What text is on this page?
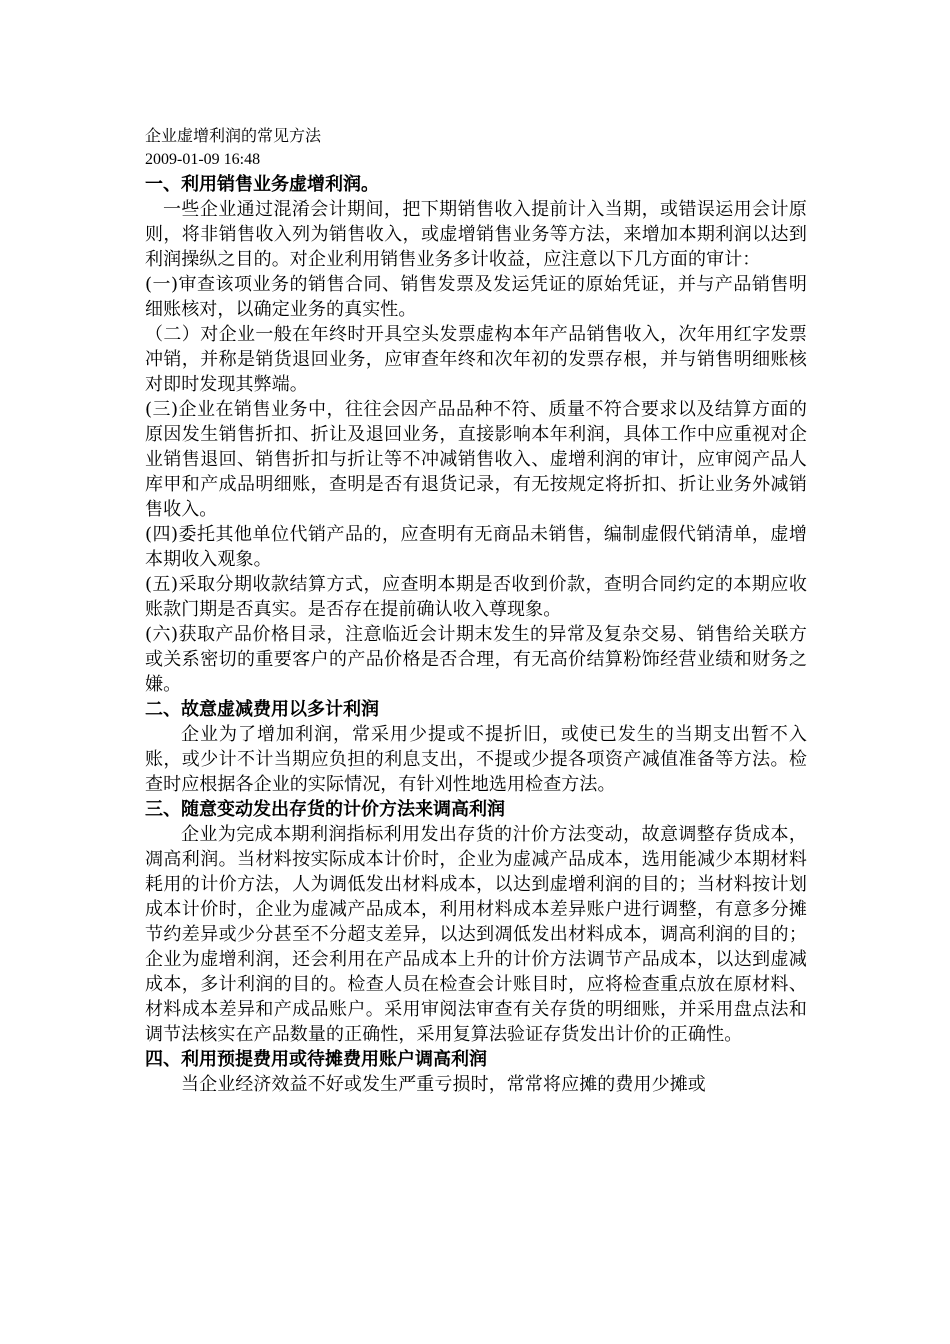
企业虚增利润的常见方法

2009-01-09 16:48

一、利用销售业务虚增利润。

一些企业通过混淆会计期间，把下期销售收入提前计入当期，或错误运用会计原则，将非销售收入列为销售收入，或虚增销售业务等方法，来增加本期利润以达到利润操纵之目的。对企业利用销售业务多计收益，应注意以下几方面的审计：

(一)审查该项业务的销售合同、销售发票及发运凭证的原始凭证，并与产品销售明细账核对，以确定业务的真实性。

（二）对企业一般在年终时开具空头发票虚构本年产品销售收入，次年用红字发票冲销，并称是销货退回业务，应审查年终和次年初的发票存根，并与销售明细账核对即时发现其弊端。

(三)企业在销售业务中，往往会因产品品种不符、质量不符合要求以及结算方面的原因发生销售折扣、折让及退回业务，直接影响本年利润，具体工作中应重视对企业销售退回、销售折扣与折让等不冲减销售收入、虚增利润的审计，应审阅产品人库甲和产成品明细账，查明是否有退货记录，有无按规定将折扣、折让业务外减销售收入。

(四)委托其他单位代销产品的，应查明有无商品未销售，编制虚假代销清单，虚增本期收入观象。

(五)采取分期收款结算方式，应查明本期是否收到价款，查明合同约定的本期应收账款门期是否真实。是否存在提前确认收入尊现象。

(六)获取产品价格目录，注意临近会计期末发生的异常及复杂交易、销售给关联方或关系密切的重要客户的产品价格是否合理，有无高价结算粉饰经营业绩和财务之嫌。

二、故意虚减费用以多计利润

企业为了增加利润，常采用少提或不提折旧，或使已发生的当期支出暂不入账，或少计不计当期应负担的利息支出，不提或少提各项资产减值准备等方法。检查时应根据各企业的实际情况，有针刈性地选用检查方法。

三、随意变动发出存货的计价方法来调高利润

企业为完成本期利润指标利用发出存货的汁价方法变动，故意调整存货成本，凋高利润。当材料按实际成本计价时，企业为虚减产品成本，选用能减少本期材料耗用的计价方法，人为调低发出材料成本，以达到虚增利润的目的；当材料按计划成本计价时，企业为虚减产品成本，利用材料成本差异账户进行调整，有意多分摊节约差异或少分甚至不分超支差异，以达到凋低发出材料成本，调高利润的目的；企业为虚增利润，还会利用在产品成本上升的计价方法调节产品成本，以达到虚减成本，多计利润的目的。检查人员在检查会计账目时，应将检查重点放在原材料、材料成本差异和产成品账户。采用审阅法审查有关存货的明细账，并采用盘点法和调节法核实在产品数量的正确性，采用复算法验证存货发出计价的正确性。

四、利用预提费用或待摊费用账户调高利润

当企业经济效益不好或发生严重亏损时，常常将应摊的费用少摊或
